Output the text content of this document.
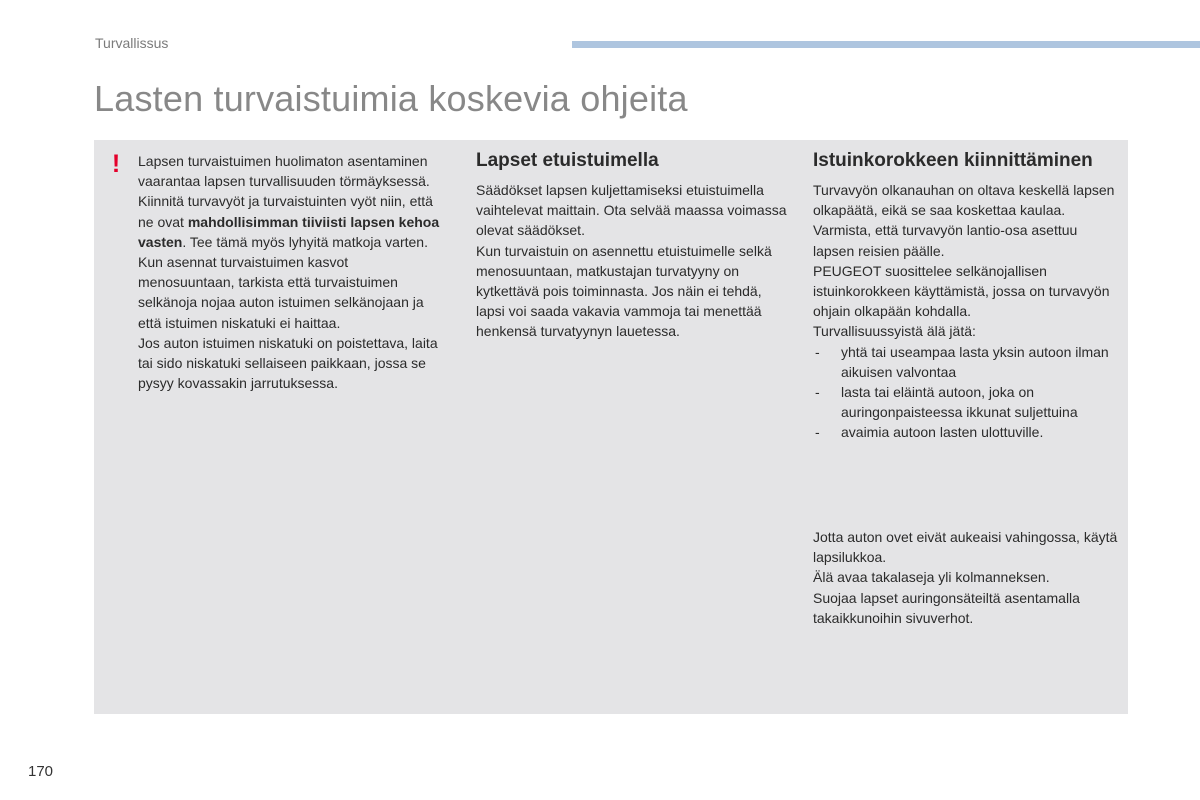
Turvallissus
Lasten turvaistuimia koskevia ohjeita
! Lapsen turvaistuimen huolimaton asentaminen vaarantaa lapsen turvallisuuden törmäyksessä.

Kiinnitä turvavyöt ja turvaistuinten vyöt niin, että ne ovat mahdollisimman tiiviisti lapsen kehoa vasten. Tee tämä myös lyhyitä matkoja varten.

Kun asennat turvaistuimen kasvot menosuuntaan, tarkista että turvaistuimen selkänoja nojaa auton istuimen selkänojaan ja että istuimen niskatuki ei haittaa.

Jos auton istuimen niskatuki on poistettava, laita tai sido niskatuki sellaiseen paikkaan, jossa se pysyy kovassakin jarrutuksessa.

Lapset etuistuimella

Säädökset lapsen kuljettamiseksi etuistuimella vaihtelevat maittain. Ota selvää maassa voimassa olevat säädökset.

Kun turvaistuin on asennettu etuistuimelle selkä menosuuntaan, matkustajan turvatyyny on kytkettävä pois toiminnasta. Jos näin ei tehdä, lapsi voi saada vakavia vammoja tai menettää henkensä turvatyynyn lauetessa.

Istuinkorokkeen kiinnittäminen

Turvavyön olkanauhan on oltava keskellä lapsen olkapäätä, eikä se saa koskettaa kaulaa.

Varmista, että turvavyön lantio-osa asettuu lapsen reisien päälle.

PEUGEOT suosittelee selkänojallisen istuinkorokkeen käyttämistä, jossa on turvavyön ohjain olkapään kohdalla.

Turvallisuussyistä älä jätä:

- yhtä tai useampaa lasta yksin autoon ilman aikuisen valvontaa
- lasta tai eläintä autoon, joka on auringonpaisteessa ikkunat suljettuina
- avaimia autoon lasten ulottuville.

Jotta auton ovet eivät aukeaisi vahingossa, käytä lapsilukkoa.

Älä avaa takalaseja yli kolmanneksen.

Suojaa lapset auringonsäteiltä asentamalla takaikkunoihin sivuverhot.

170
